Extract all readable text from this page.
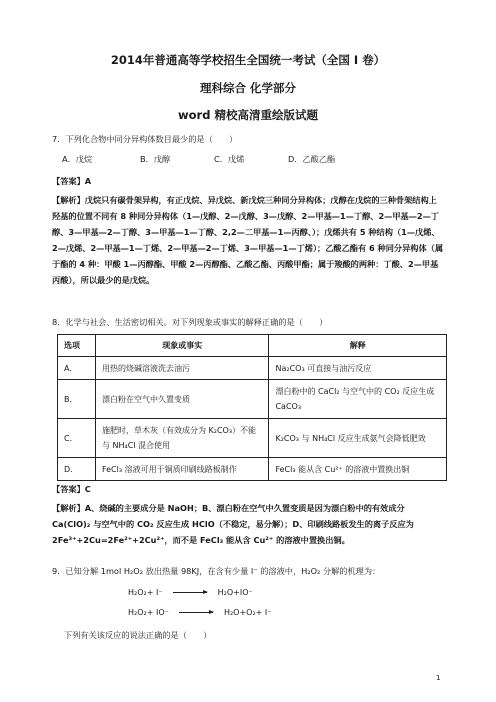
2014年普通高等学校招生全国统一考试（全国 I 卷）
理科综合 化学部分
word 精校高清重绘版试题
7．下列化合物中同分异构体数目最少的是（　　）
A．戊烷	B．戊醇	C．戊烯	D．乙酸乙酯
【答案】A
【解析】戊烷只有碳骨架异构，有正戊烷、异戊烷、新戊烷三种同分异构体；戊醇在戊烷的三种骨架结构上羟基的位置不同有 8 种同分异构体（1—戊醇、2—戊醇、3—戊醇、2—甲基—1—丁醇、2—甲基—2—丁醇、3—甲基—2—丁醇、3—甲基—1—丁醇、2,2—二甲基—1—丙醇、）；戊烯共有 5 种结构（1—戊烯、2—戊烯、2—甲基—1—丁烯、2—甲基—2—丁烯、3—甲基—1—丁烯）；乙酸乙酯有 6 种同分异构体（属于酯的 4 种：甲酸 1—丙醇酯、甲酸 2—丙醇酯、乙酸乙酯、丙酸甲酯；属于羧酸的两种：丁酸、2—甲基丙酸），所以最少的是戊烷。
8．化学与社会、生活密切相关。对下列现象或事实的解释正确的是（　　）
选项	现象或事实	解释
A．	用热的烧碱溶液洗去油污	Na₂CO₃ 可直接与油污反应
B．	漂白粉在空气中久置变质	漂白粉中的 CaCl₂ 与空气中的 CO₂ 反应生成 CaCO₃
C．	施肥时，草木灰（有效成分为 K₂CO₃）不能与 NH₄Cl 混合使用	K₂CO₃ 与 NH₄Cl 反应生成氨气会降低肥效
D．	FeCl₃ 溶液可用于铜质印刷线路板制作	FeCl₃ 能从含 Cu²⁺ 的溶液中置换出铜
【答案】C
【解析】A、烧碱的主要成分是 NaOH；B、漂白粉在空气中久置变质是因为漂白粉中的有效成分 Ca(ClO)₂ 与空气中的 CO₂ 反应生成 HClO（不稳定，易分解）；D、印刷线路板发生的离子反应为 2Fe³⁺+2Cu=2Fe²⁺+2Cu²⁺，而不是 FeCl₃ 能从含 Cu²⁺ 的溶液中置换出铜。
9．已知分解 1mol H₂O₂ 放出热量 98KJ，在含有少量 I⁻ 的溶液中，H₂O₂ 分解的机理为：
H₂O₂+ I⁻	H₂O+IO⁻
H₂O₂+ IO⁻	H₂O+O₂+ I⁻
下列有关该反应的说法正确的是（　　）
1
